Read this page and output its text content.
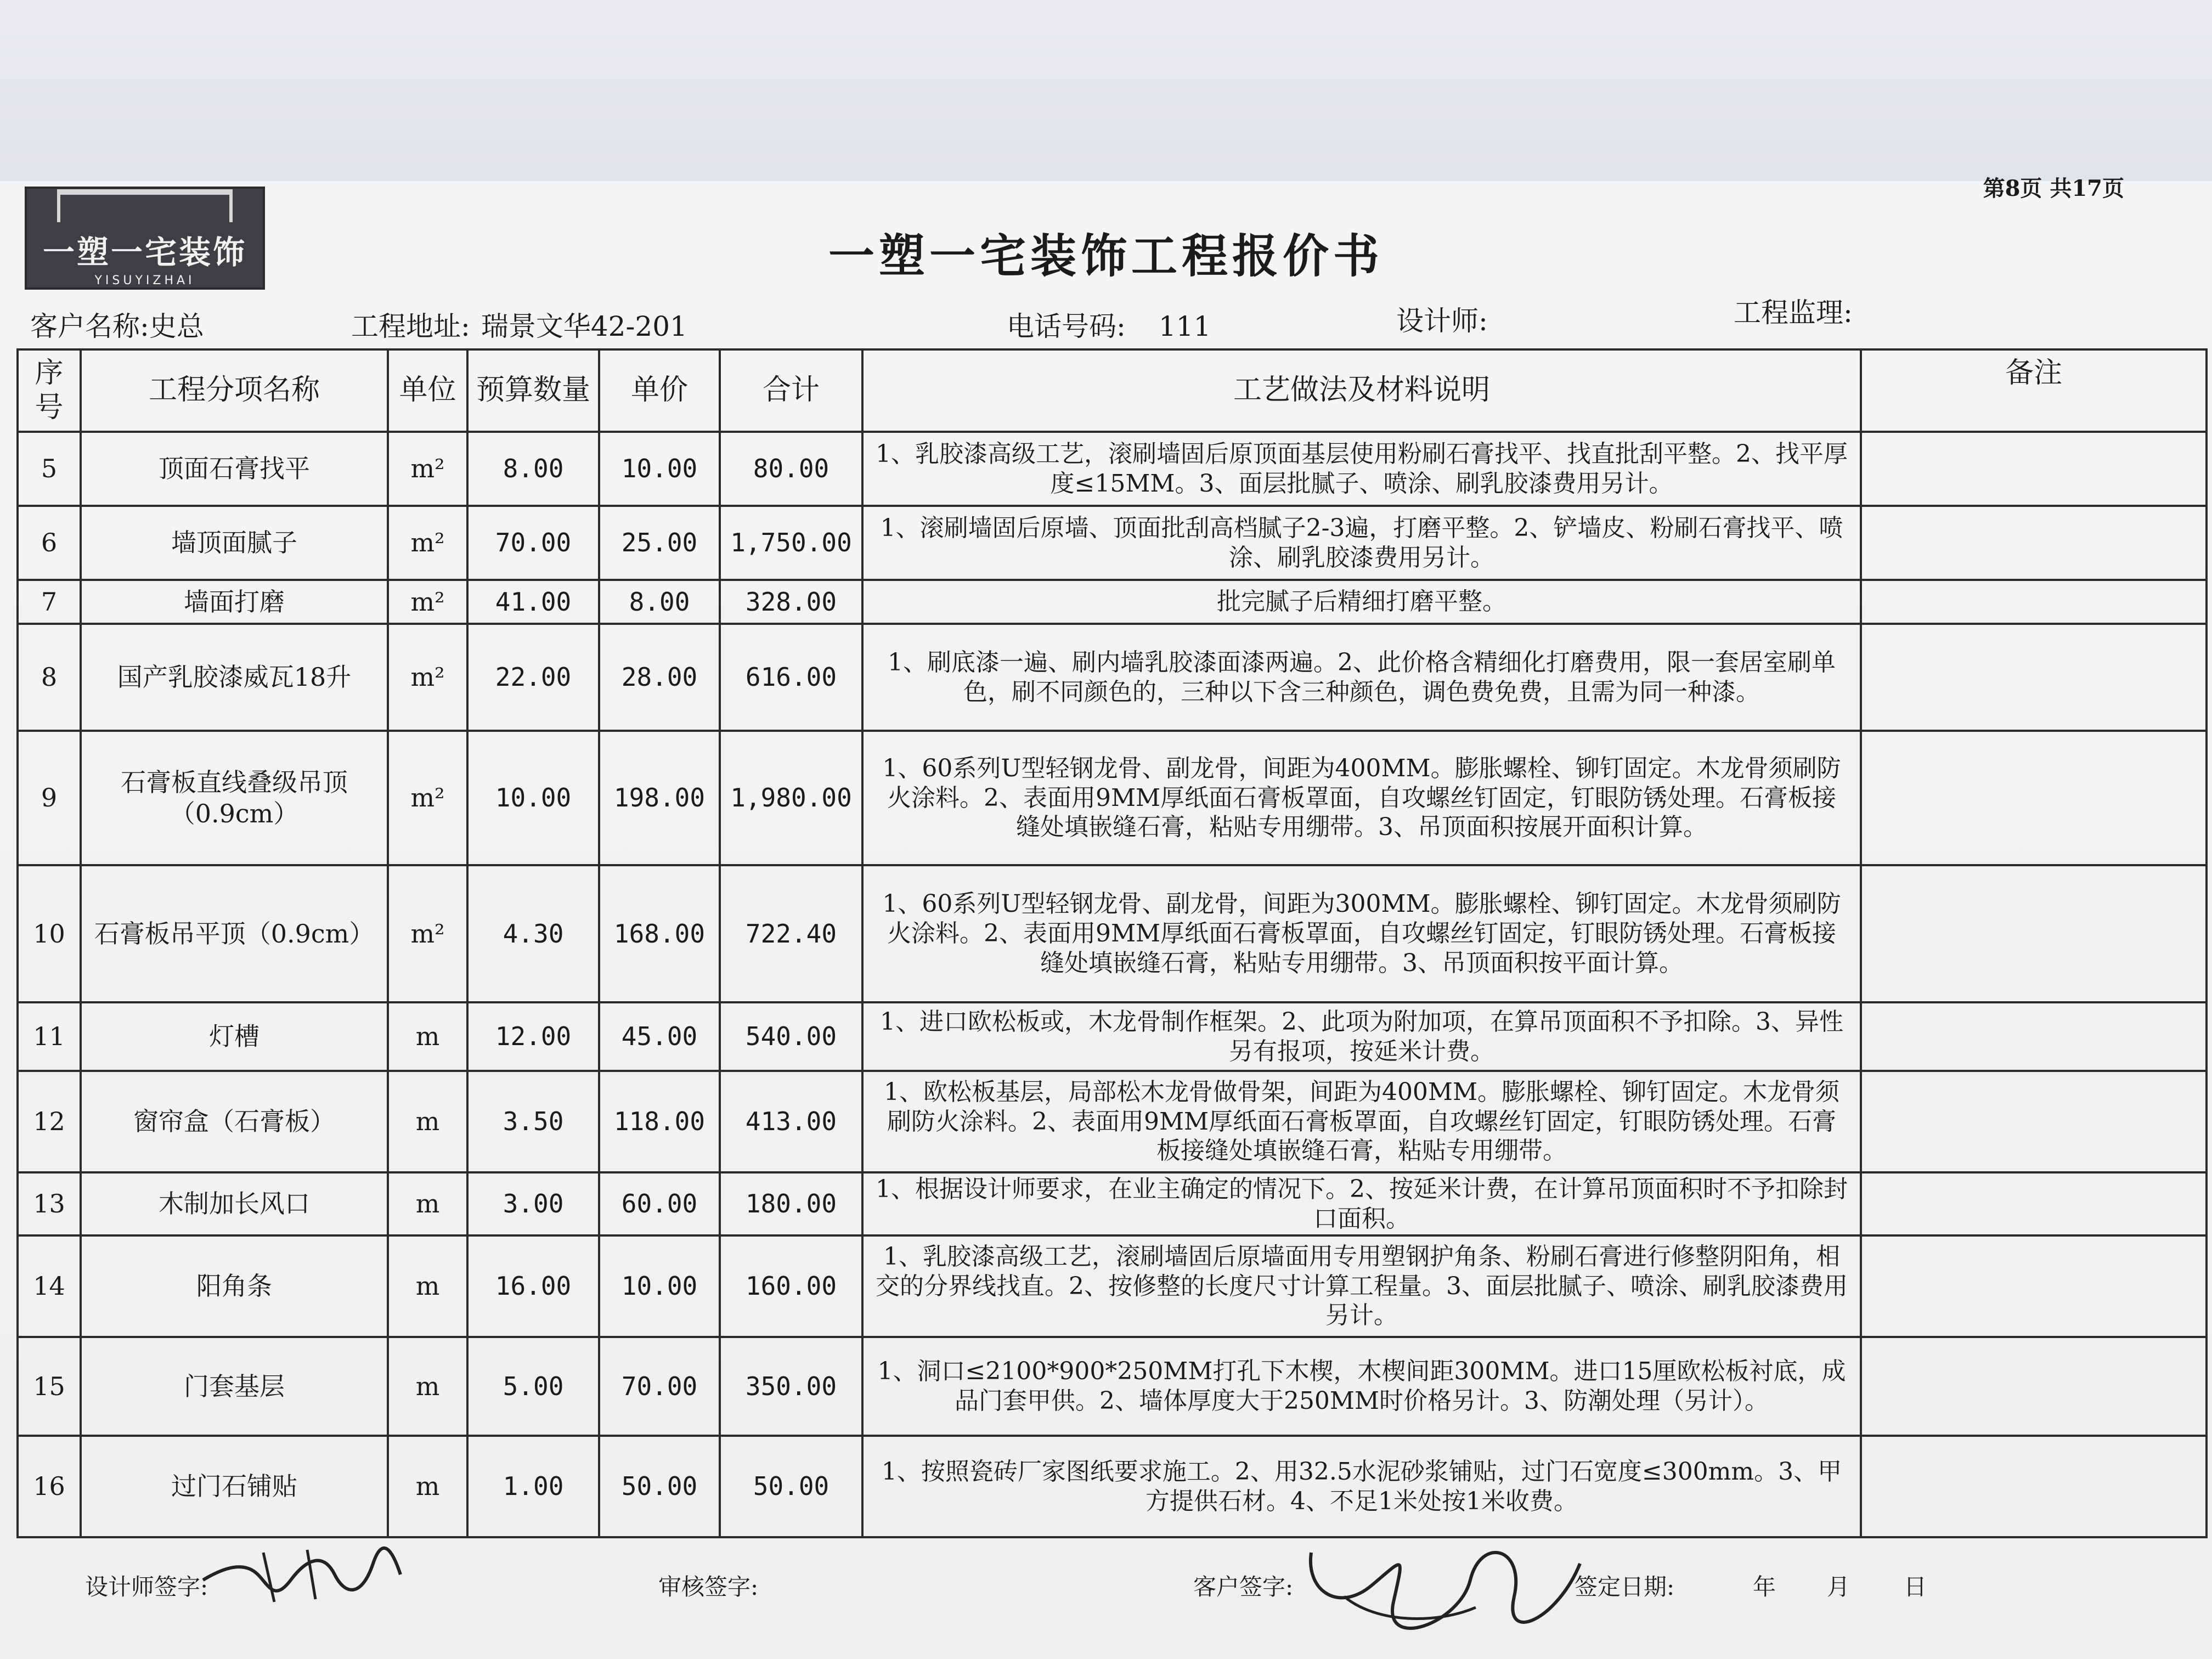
一塑一宅装饰
YISUYIZHAI
第8页 共17页
一塑一宅装饰工程报价书
客户名称:史总	工程地址: 瑞景文华42-201	电话号码: 111	设计师:	工程监理:
序号	工程分项名称	单位	预算数量	单价	合计	工艺做法及材料说明	备注
5	顶面石膏找平	m²	8.00	10.00	80.00	1、乳胶漆高级工艺，滚刷墙固后原顶面基层使用粉刷石膏找平、找直批刮平整。2、找平厚度≤15MM。3、面层批腻子、喷涂、刷乳胶漆费用另计。	
6	墙顶面腻子	m²	70.00	25.00	1,750.00	1、滚刷墙固后原墙、顶面批刮高档腻子2-3遍，打磨平整。2、铲墙皮、粉刷石膏找平、喷涂、刷乳胶漆费用另计。	
7	墙面打磨	m²	41.00	8.00	328.00	批完腻子后精细打磨平整。	
8	国产乳胶漆威瓦18升	m²	22.00	28.00	616.00	1、刷底漆一遍、刷内墙乳胶漆面漆两遍。2、此价格含精细化打磨费用，限一套居室刷单色，刷不同颜色的，三种以下含三种颜色，调色费免费，且需为同一种漆。	
9	石膏板直线叠级吊顶（0.9cm）	m²	10.00	198.00	1,980.00	1、60系列U型轻钢龙骨、副龙骨，间距为400MM。膨胀螺栓、铆钉固定。木龙骨须刷防火涂料。2、表面用9MM厚纸面石膏板罩面，自攻螺丝钉固定，钉眼防锈处理。石膏板接缝处填嵌缝石膏，粘贴专用绷带。3、吊顶面积按展开面积计算。	
10	石膏板吊平顶（0.9cm）	m²	4.30	168.00	722.40	1、60系列U型轻钢龙骨、副龙骨，间距为300MM。膨胀螺栓、铆钉固定。木龙骨须刷防火涂料。2、表面用9MM厚纸面石膏板罩面，自攻螺丝钉固定，钉眼防锈处理。石膏板接缝处填嵌缝石膏，粘贴专用绷带。3、吊顶面积按平面计算。	
11	灯槽	m	12.00	45.00	540.00	1、进口欧松板或，木龙骨制作框架。2、此项为附加项，在算吊顶面积不予扣除。3、异性另有报项，按延米计费。	
12	窗帘盒（石膏板）	m	3.50	118.00	413.00	1、欧松板基层，局部松木龙骨做骨架，间距为400MM。膨胀螺栓、铆钉固定。木龙骨须刷防火涂料。2、表面用9MM厚纸面石膏板罩面，自攻螺丝钉固定，钉眼防锈处理。石膏板接缝处填嵌缝石膏，粘贴专用绷带。	
13	木制加长风口	m	3.00	60.00	180.00	1、根据设计师要求，在业主确定的情况下。2、按延米计费，在计算吊顶面积时不予扣除封口面积。	
14	阳角条	m	16.00	10.00	160.00	1、乳胶漆高级工艺，滚刷墙固后原墙面用专用塑钢护角条、粉刷石膏进行修整阴阳角，相交的分界线找直。2、按修整的长度尺寸计算工程量。3、面层批腻子、喷涂、刷乳胶漆费用另计。	
15	门套基层	m	5.00	70.00	350.00	1、洞口≤2100*900*250MM打孔下木楔，木楔间距300MM。进口15厘欧松板衬底，成品门套甲供。2、墙体厚度大于250MM时价格另计。3、防潮处理（另计）。	
16	过门石铺贴	m	1.00	50.00	50.00	1、按照瓷砖厂家图纸要求施工。2、用32.5水泥砂浆铺贴，过门石宽度≤300mm。3、甲方提供石材。4、不足1米处按1米收费。	
设计师签字:	审核签字:	客户签字:	签定日期:	年 月 日
